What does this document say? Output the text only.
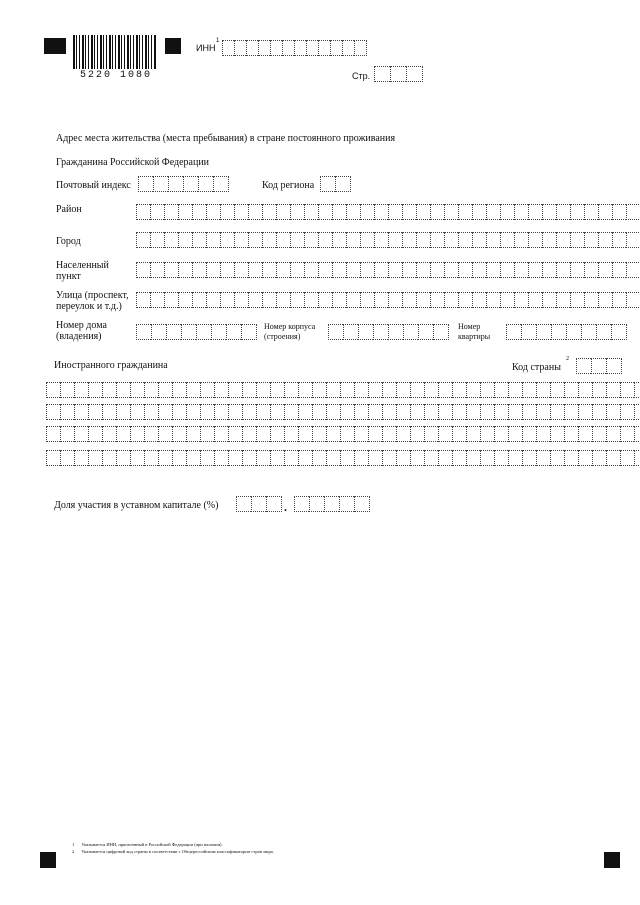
5220 1080
ИНН
1
Стр.
Адрес места жительства (места пребывания) в стране постоянного проживания
Гражданина Российской Федерации
Почтовый индекс	Код региона
Район
Город
Населенный
пункт
Улица (проспект,
переулок и т.д.)
Номер дома
(владения)
Номер корпуса
(строения)
Номер
квартиры
Иностранного гражданина	Код страны
2
Доля участия в уставном капитале (%)	.
1 Указывается ИНН, присвоенный в Российской Федерации (при наличии).
2 Указывается цифровой код страны в соответствии с Общероссийским классификатором стран мира.
